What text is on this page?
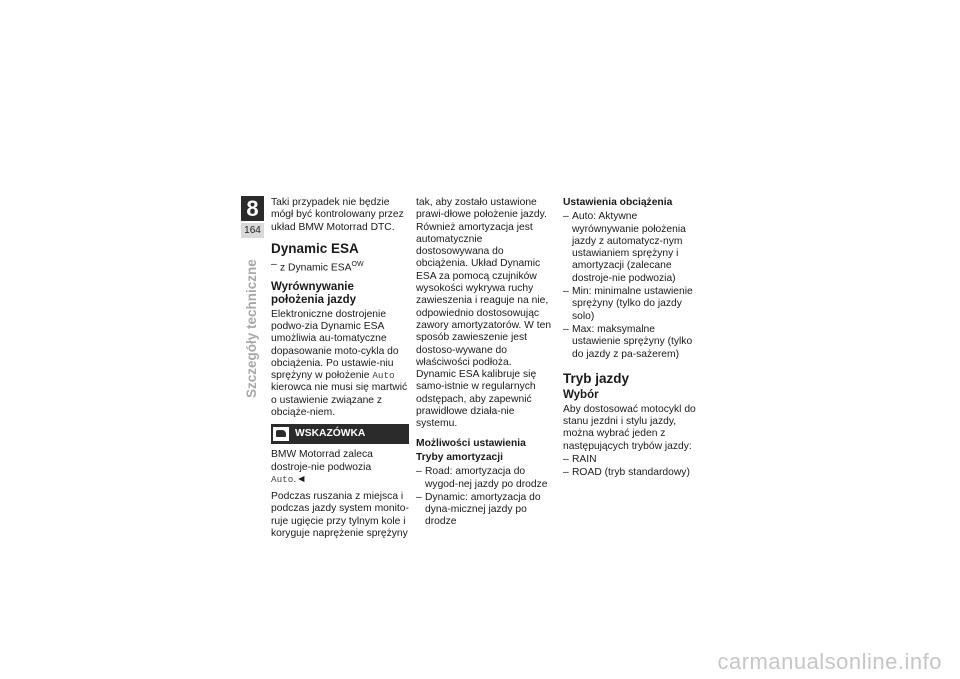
8
164
Szczegóły techniczne

Taki przypadek nie będzie mógł być kontrolowany przez układ BMW Motorrad DTC.

Dynamic ESA
– z Dynamic $ESA^{OW}$
Wyrównywanie położenia jazdy

Elektroniczne dostrojenie podwo-zia Dynamic ESA umożliwia au-tomatyczne dopasowanie moto-cykla do obciążenia. Po ustawie-niu sprężyny w położenie Auto kierowca nie musi się martwić o ustawienie związane z obciąże-niem.

WSKAZÓWKA

BMW Motorrad zaleca dostroje-nie podwozia Auto.◄

Podczas ruszania z miejsca i podczas jazdy system monito-ruje ugięcie przy tylnym kole i koryguje naprężenie sprężyny

tak, aby zostało ustawione prawi-dłowe położenie jazdy. Również amortyzacja jest automatycznie dostosowywana do obciążenia. Układ Dynamic ESA za pomocą czujników wysokości wykrywa ruchy zawieszenia i reaguje na nie, odpowiednio dostosowując zawory amortyzatorów. W ten sposób zawieszenie jest dostoso-wywane do właściwości podłoża. Dynamic ESA kalibruje się samo-istnie w regularnych odstępach, aby zapewnić prawidłowe działa-nie systemu.

Możliwości ustawienia
Tryby amortyzacji
– Road: amortyzacja do wygod-nej jazdy po drodze
– Dynamic: amortyzacja do dyna-micznej jazdy po drodze
Ustawienia obciążenia
– Auto: Aktywne wyrównywanie położenia jazdy z automatycz-nym ustawianiem sprężyny i amortyzacji (zalecane dostroje-nie podwozia)
– Min: minimalne ustawienie sprężyny (tylko do jazdy solo)
– Max: maksymalne ustawienie sprężyny (tylko do jazdy z pa-sażerem)
Tryb jazdy
Wybór

Aby dostosować motocykl do stanu jezdni i stylu jazdy, można wybrać jeden z następujących trybów jazdy:

– RAIN
– ROAD (tryb standardowy)
carmanualsonline.info
